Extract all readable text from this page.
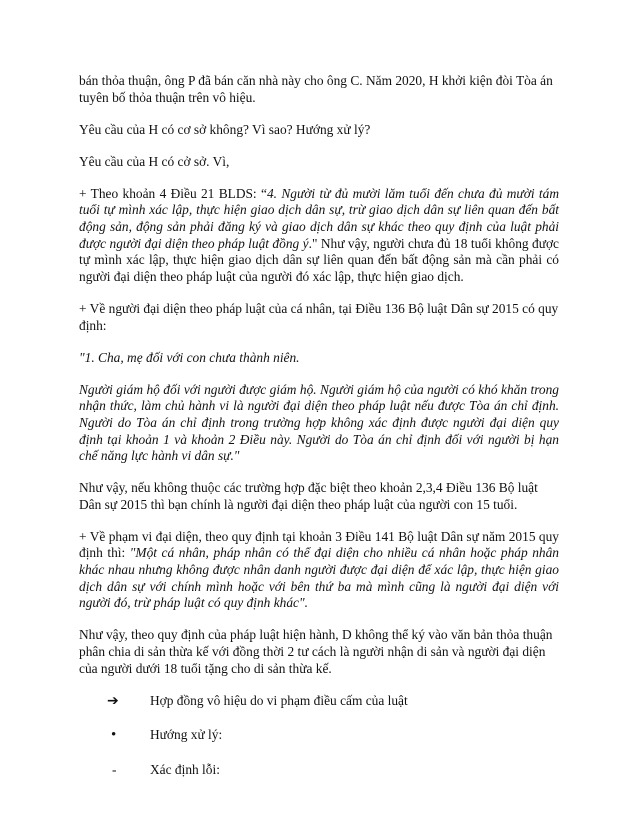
bán thỏa thuận, ông P đã bán căn nhà này cho ông C. Năm 2020, H khởi kiện đòi Tòa án tuyên bố thỏa thuận trên vô hiệu.

Yêu cầu của H có cơ sở không? Vì sao? Hướng xử lý?

Yêu cầu của H có cở sở. Vì,

+ Theo khoản 4 Điều 21 BLDS: “4. Người từ đủ mười lăm tuổi đến chưa đủ mười tám tuổi tự mình xác lập, thực hiện giao dịch dân sự, trừ giao dịch dân sự liên quan đến bất động sản, động sản phải đăng ký và giao dịch dân sự khác theo quy định của luật phải được người đại diện theo pháp luật đồng ý." Như vậy, người chưa đủ 18 tuổi không được tự mình xác lập, thực hiện giao dịch dân sự liên quan đến bất động sản mà cần phải có người đại diện theo pháp luật của người đó xác lập, thực hiện giao dịch.

+ Về người đại diện theo pháp luật của cá nhân, tại Điều 136 Bộ luật Dân sự 2015 có quy định:

"1. Cha, mẹ đối với con chưa thành niên.

Người giám hộ đối với người được giám hộ. Người giám hộ của người có khó khăn trong nhận thức, làm chủ hành vi là người đại diện theo pháp luật nếu được Tòa án chỉ định. Người do Tòa án chỉ định trong trường hợp không xác định được người đại diện quy định tại khoản 1 và khoản 2 Điều này. Người do Tòa án chỉ định đối với người bị hạn chế năng lực hành vi dân sự."

Như vậy, nếu không thuộc các trường hợp đặc biệt theo khoản 2,3,4 Điều 136 Bộ luật Dân sự 2015 thì bạn chính là người đại diện theo pháp luật của người con 15 tuổi.

+ Về phạm vi đại diện, theo quy định tại khoản 3 Điều 141 Bộ luật Dân sự năm 2015 quy định thì: "Một cá nhân, pháp nhân có thể đại diện cho nhiều cá nhân hoặc pháp nhân khác nhau nhưng không được nhân danh người được đại diện để xác lập, thực hiện giao dịch dân sự với chính mình hoặc với bên thứ ba mà mình cũng là người đại diện với người đó, trừ pháp luật có quy định khác".

Như vậy, theo quy định của pháp luật hiện hành, D không thể ký vào văn bản thỏa thuận phân chia di sản thừa kế với đồng thời 2 tư cách là người nhận di sản và người đại diện của người dưới 18 tuổi tặng cho di sản thừa kế.

➔	Hợp đồng vô hiệu do vi phạm điều cấm của luật
•	Hướng xử lý:
-	Xác định lỗi:
